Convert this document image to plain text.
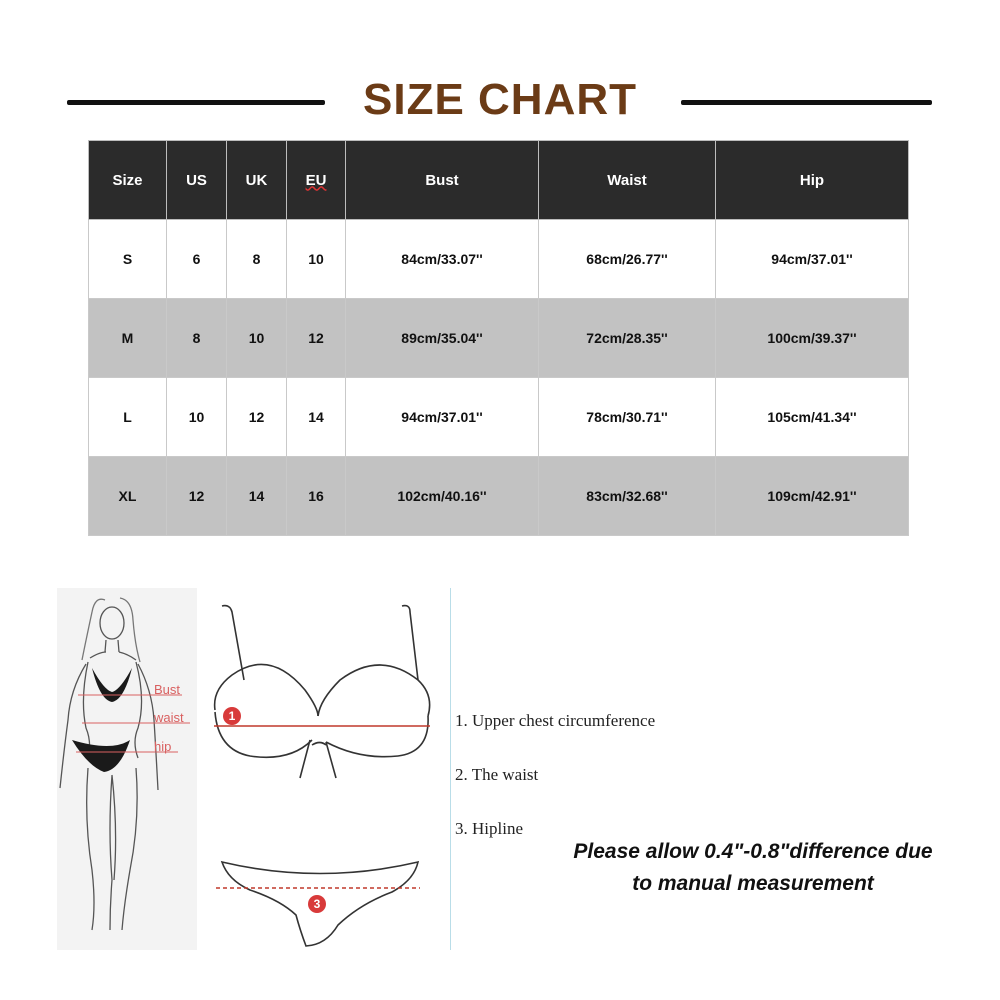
SIZE CHART
Size	US	UK	EU	Bust	Waist	Hip
S	6	8	10	84cm/33.07''	68cm/26.77''	94cm/37.01''
M	8	10	12	89cm/35.04''	72cm/28.35''	100cm/39.37''
L	10	12	14	94cm/37.01''	78cm/30.71''	105cm/41.34''
XL	12	14	16	102cm/40.16''	83cm/32.68''	109cm/42.91''
Bust
waist
hip
1
3
1. Upper chest circumference
2. The waist
3. Hipline
Please allow 0.4"-0.8"difference due
to manual measurement
